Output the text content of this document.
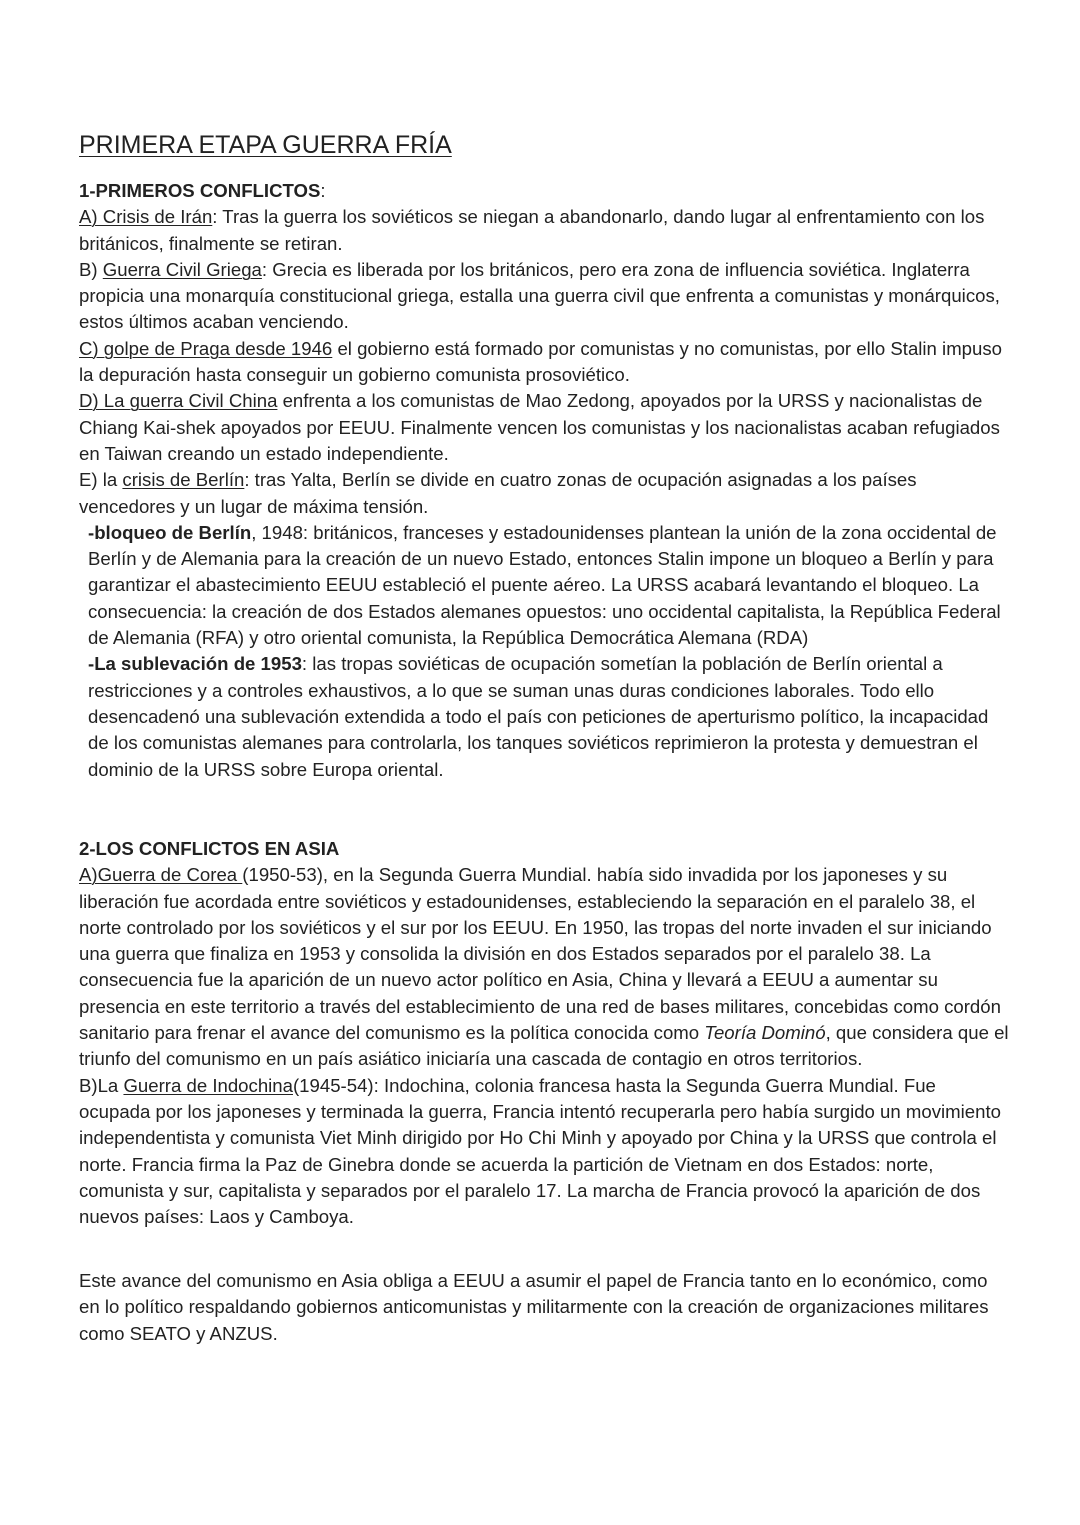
PRIMERA ETAPA GUERRA FRÍA

1-PRIMEROS CONFLICTOS:

A) Crisis de Irán: Tras la guerra los soviéticos se niegan a abandonarlo, dando lugar al enfrentamiento con los británicos, finalmente se retiran.

B) Guerra Civil Griega: Grecia es liberada por los británicos, pero era zona de influencia soviética. Inglaterra propicia una monarquía constitucional griega, estalla una guerra civil que enfrenta a comunistas y monárquicos, estos últimos acaban venciendo.

C) golpe de Praga desde 1946 el gobierno está formado por comunistas y no comunistas, por ello Stalin impuso la depuración hasta conseguir un gobierno comunista prosoviético.

D) La guerra Civil China enfrenta a los comunistas de Mao Zedong, apoyados por la URSS y nacionalistas de Chiang Kai-shek apoyados por EEUU. Finalmente vencen los comunistas y los nacionalistas acaban refugiados en Taiwan creando un estado independiente.

E) la crisis de Berlín: tras Yalta, Berlín se divide en cuatro zonas de ocupación asignadas a los países vencedores y un lugar de máxima tensión.

-bloqueo de Berlín, 1948: británicos, franceses y estadounidenses plantean la unión de la zona occidental de Berlín y de Alemania para la creación de un nuevo Estado, entonces Stalin impone un bloqueo a Berlín y para garantizar el abastecimiento EEUU estableció el puente aéreo. La URSS acabará levantando el bloqueo. La consecuencia: la creación de dos Estados alemanes opuestos: uno occidental capitalista, la República Federal de Alemania (RFA) y otro oriental comunista, la República Democrática Alemana (RDA)

-La sublevación de 1953: las tropas soviéticas de ocupación sometían la población de Berlín oriental a restricciones y a controles exhaustivos, a lo que se suman unas duras condiciones laborales. Todo ello desencadenó una sublevación extendida a todo el país con peticiones de aperturismo político, la incapacidad de los comunistas alemanes para controlarla, los tanques soviéticos reprimieron la protesta y demuestran el dominio de la URSS sobre Europa oriental.

2-LOS CONFLICTOS EN ASIA

A)Guerra de Corea (1950-53), en la Segunda Guerra Mundial. había sido invadida por los japoneses y su liberación fue acordada entre soviéticos y estadounidenses, estableciendo la separación en el paralelo 38, el norte controlado por los soviéticos y el sur por los EEUU. En 1950, las tropas del norte invaden el sur iniciando una guerra que finaliza en 1953 y consolida la división en dos Estados separados por el paralelo 38. La consecuencia fue la aparición de un nuevo actor político en Asia, China y llevará a EEUU a aumentar su presencia en este territorio a través del establecimiento de una red de bases militares, concebidas como cordón sanitario para frenar el avance del comunismo es la política conocida como Teoría Dominó, que considera que el triunfo del comunismo en un país asiático iniciaría una cascada de contagio en otros territorios.

B)La Guerra de Indochina(1945-54): Indochina, colonia francesa hasta la Segunda Guerra Mundial. Fue ocupada por los japoneses y terminada la guerra, Francia intentó recuperarla pero había surgido un movimiento independentista y comunista Viet Minh dirigido por Ho Chi Minh y apoyado por China y la URSS que controla el norte. Francia firma la Paz de Ginebra donde se acuerda la partición de Vietnam en dos Estados: norte, comunista y sur, capitalista y separados por el paralelo 17. La marcha de Francia provocó la aparición de dos nuevos países: Laos y Camboya.

Este avance del comunismo en Asia obliga a EEUU a asumir el papel de Francia tanto en lo económico, como en lo político respaldando gobiernos anticomunistas y militarmente con la creación de organizaciones militares como SEATO y ANZUS.
